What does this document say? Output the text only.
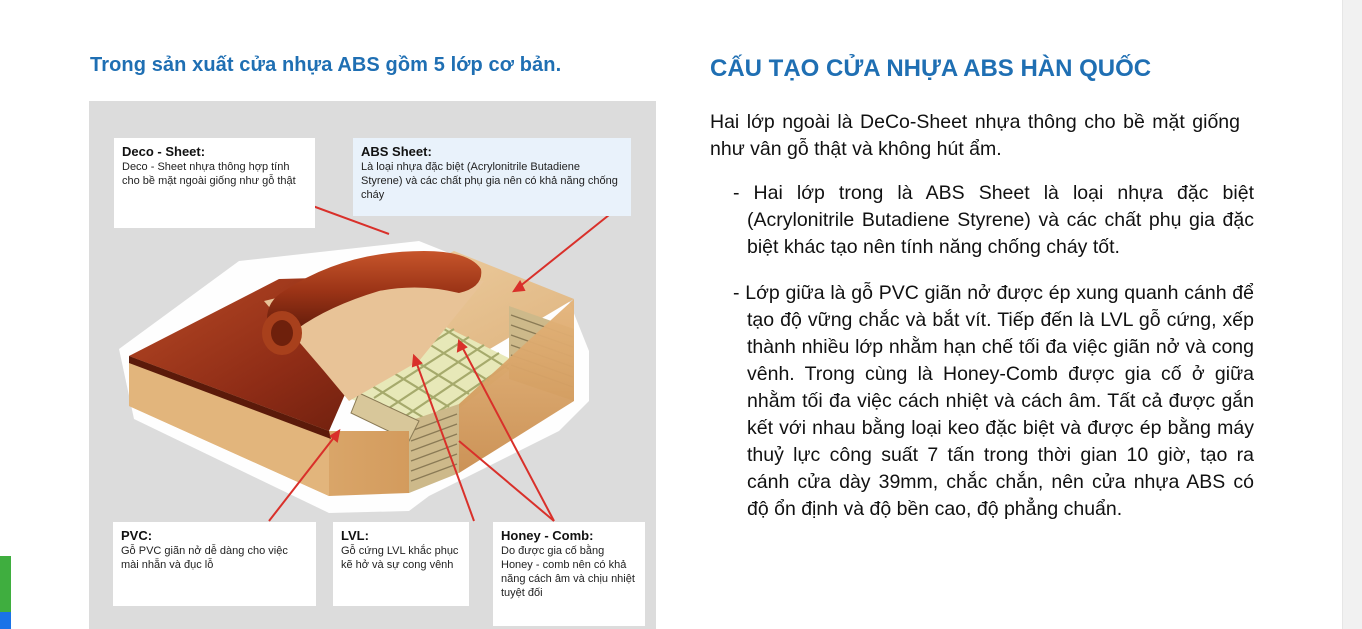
Trong sản xuất cửa nhựa ABS gồm 5 lớp cơ bản.
Deco - Sheet:
Deco - Sheet nhựa thông hợp tính cho bề mặt ngoài giống như gỗ thật
ABS Sheet:
Là loại nhựa đặc biệt (Acrylonitrile Butadiene Styrene) và các chất phụ gia nên có khả năng chống cháy
PVC:
Gỗ PVC giãn nở dễ dàng cho việc mài nhẵn và đục lỗ
LVL:
Gỗ cứng LVL khắc phục kẽ hở và sự cong vênh
Honey - Comb:
Do được gia cố bằng Honey - comb nên có khả năng cách âm và chịu nhiệt tuyệt đối
CẤU TẠO CỬA NHỰA ABS HÀN QUỐC
Hai lớp ngoài là DeCo-Sheet nhựa thông cho bề mặt giống như vân gỗ thật và không hút ẩm.
- Hai lớp trong là ABS Sheet là loại nhựa đặc biệt (Acrylonitrile Butadiene Styrene) và các chất phụ gia đặc biệt khác tạo nên tính năng chống cháy tốt.
- Lớp giữa là gỗ PVC giãn nở được ép xung quanh cánh để tạo độ vững chắc và bắt vít. Tiếp đến là LVL gỗ cứng, xếp thành nhiều lớp nhằm hạn chế tối đa việc giãn nở và cong vênh. Trong cùng là Honey-Comb được gia cố ở giữa nhằm tối đa việc cách nhiệt và cách âm. Tất cả được gắn kết với nhau bằng loại keo đặc biệt và được ép bằng máy thuỷ lực công suất 7 tấn trong thời gian 10 giờ, tạo ra cánh cửa dày 39mm, chắc chắn, nên cửa nhựa ABS có độ ổn định và độ bền cao, độ phẳng chuẩn.
